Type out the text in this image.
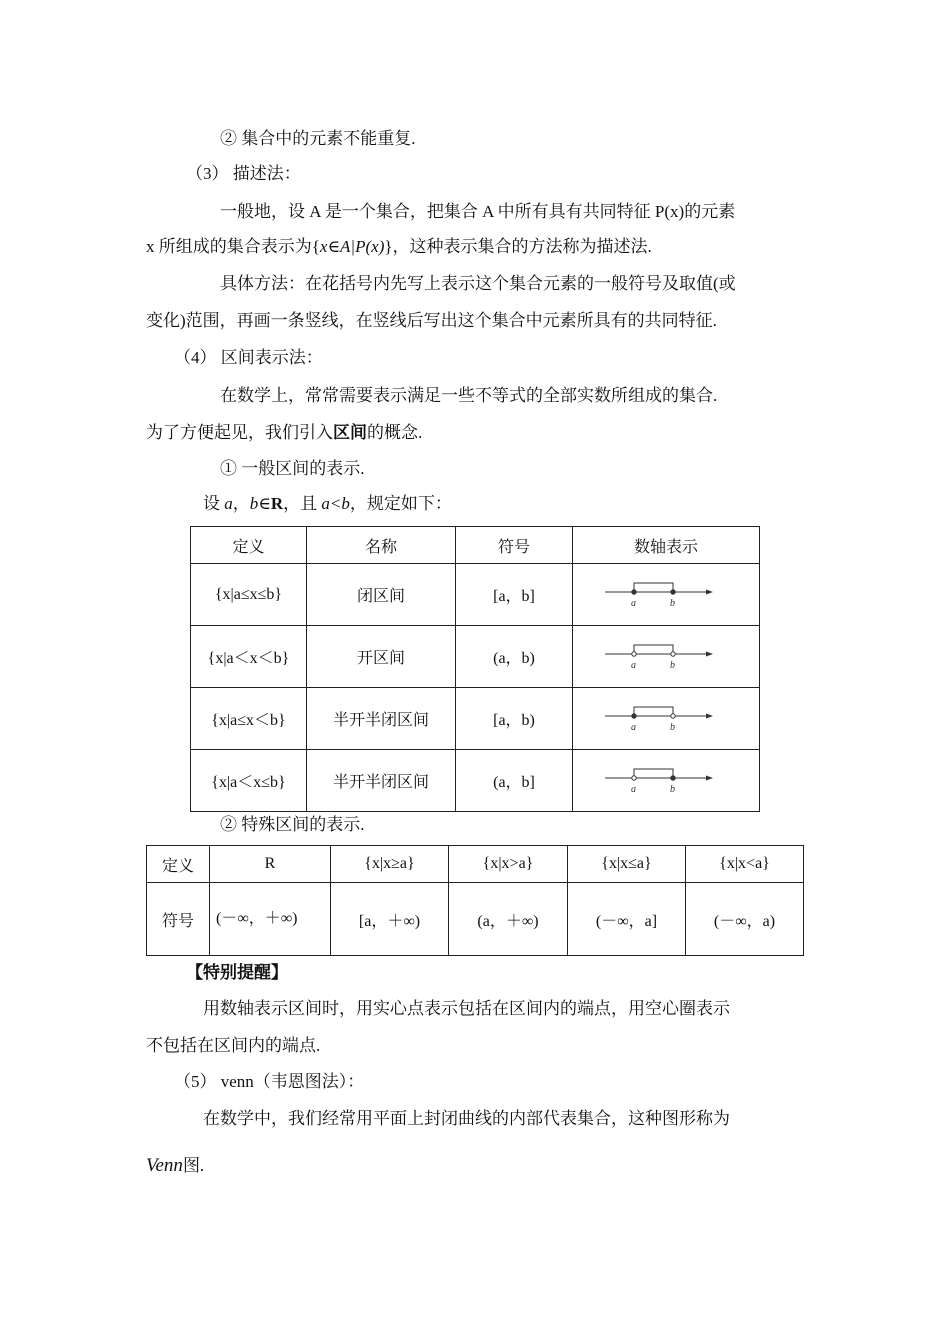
② 集合中的元素不能重复.
（3） 描述法：
一般地，设 A 是一个集合，把集合 A 中所有具有共同特征 P(x)的元素
x 所组成的集合表示为{x∈A|P(x)}，这种表示集合的方法称为描述法.
具体方法：在花括号内先写上表示这个集合元素的一般符号及取值(或
变化)范围，再画一条竖线，在竖线后写出这个集合中元素所具有的共同特征.
（4） 区间表示法：
在数学上，常常需要表示满足一些不等式的全部实数所组成的集合.
为了方便起见，我们引入区间的概念.
① 一般区间的表示.
设 a，b∈R，且 a<b，规定如下：
定义	名称	符号	数轴表示
{x|a≤x≤b}	闭区间	[a，b]	a b

{x|a＜x＜b}	开区间	(a，b)	a b

{x|a≤x＜b}	半开半闭区间	[a，b)	a b

{x|a＜x≤b}	半开半闭区间	(a，b]	a b
② 特殊区间的表示.
定义	R	{x|x≥a}	{x|x>a}	{x|x≤a}	{x|x<a}
符号	(－∞，＋∞)	[a，＋∞)	(a，＋∞)	(－∞，a]	(－∞，a)
【特别提醒】
用数轴表示区间时，用实心点表示包括在区间内的端点，用空心圈表示
不包括在区间内的端点.
（5） venn（韦恩图法）：
在数学中，我们经常用平面上封闭曲线的内部代表集合，这种图形称为
Venn图.
